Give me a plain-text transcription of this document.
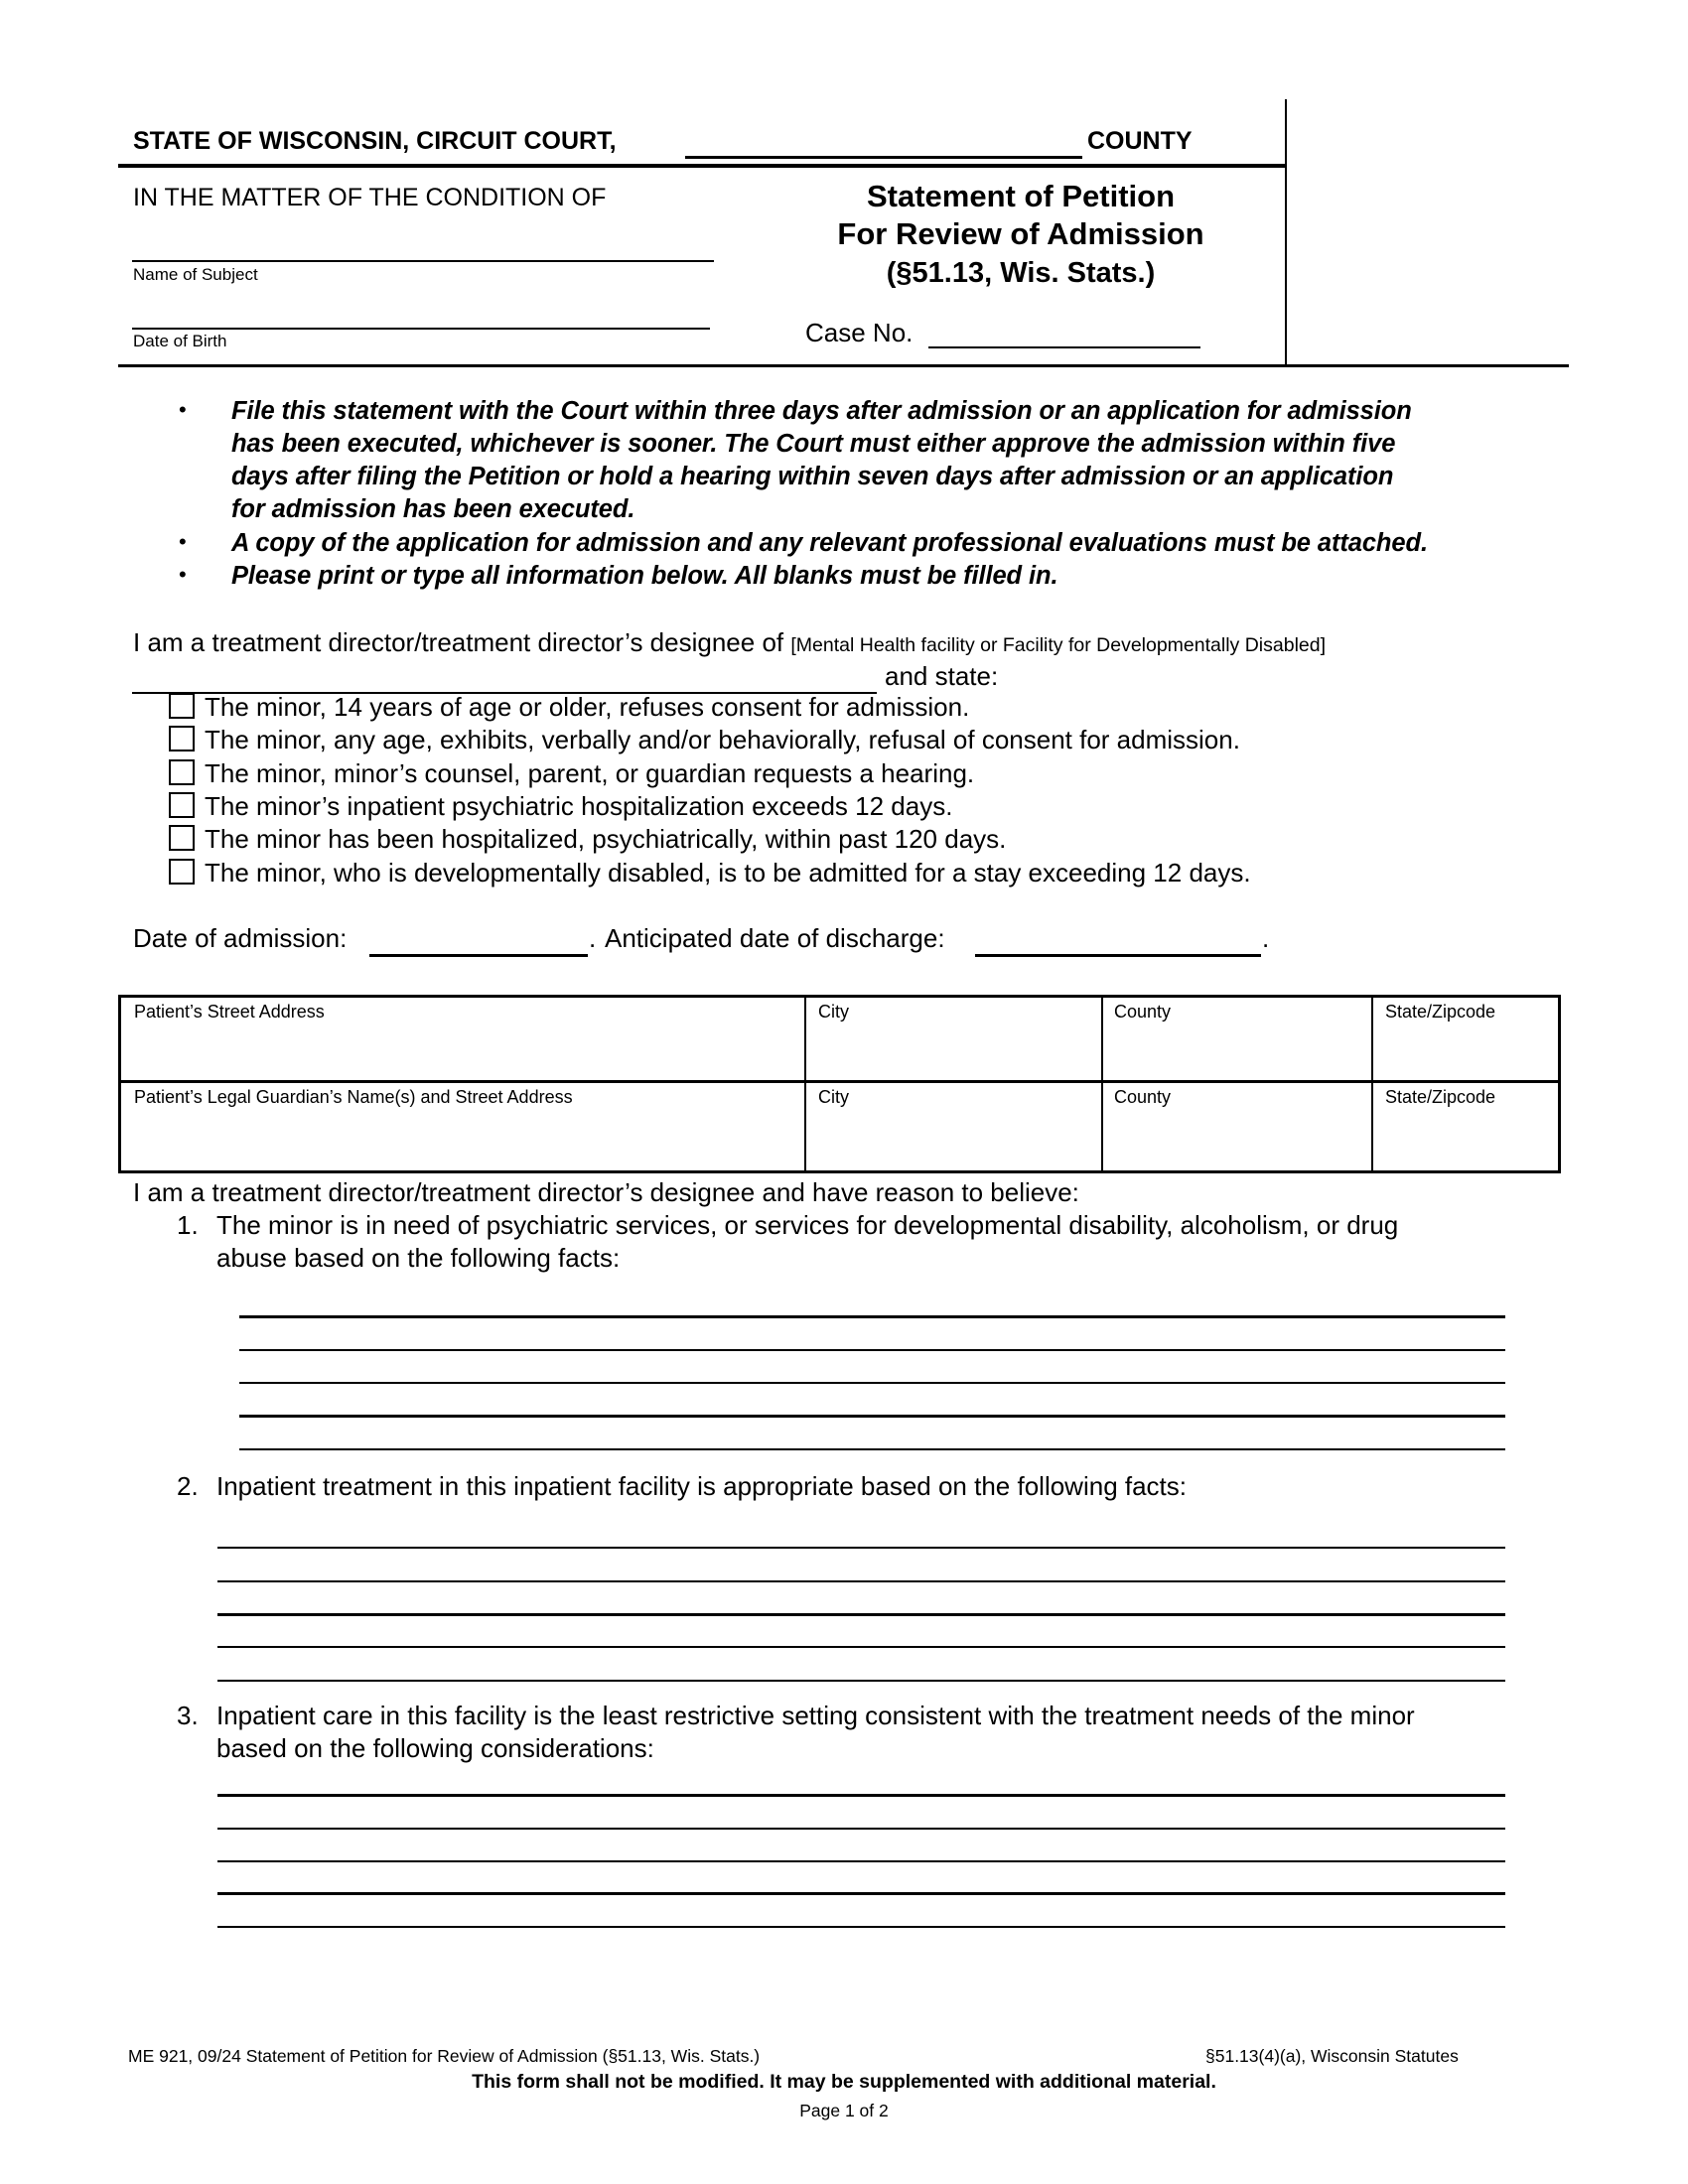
STATE OF WISCONSIN, CIRCUIT COURT,	COUNTY
IN THE MATTER OF THE CONDITION OF
Name of Subject
Date of Birth
Statement of Petition
For Review of Admission
(§51.13, Wis. Stats.)
Case No.
• File this statement with the Court within three days after admission or an application for admission
has been executed, whichever is sooner. The Court must either approve the admission within five
days after filing the Petition or hold a hearing within seven days after admission or an application
for admission has been executed.
• A copy of the application for admission and any relevant professional evaluations must be attached.
• Please print or type all information below. All blanks must be filled in.
I am a treatment director/treatment director’s designee of [Mental Health facility or Facility for Developmentally Disabled]
and state:
The minor, 14 years of age or older, refuses consent for admission.
The minor, any age, exhibits, verbally and/or behaviorally, refusal of consent for admission.
The minor, minor’s counsel, parent, or guardian requests a hearing.
The minor’s inpatient psychiatric hospitalization exceeds 12 days.
The minor has been hospitalized, psychiatrically, within past 120 days.
The minor, who is developmentally disabled, is to be admitted for a stay exceeding 12 days.
Date of admission:	. Anticipated date of discharge:	.
Patient’s Street Address	City	County	State/Zipcode
Patient’s Legal Guardian’s Name(s) and Street Address	City	County	State/Zipcode
I am a treatment director/treatment director’s designee and have reason to believe:
1. The minor is in need of psychiatric services, or services for developmental disability, alcoholism, or drug
abuse based on the following facts:
2. Inpatient treatment in this inpatient facility is appropriate based on the following facts:
3. Inpatient care in this facility is the least restrictive setting consistent with the treatment needs of the minor
based on the following considerations:
ME 921, 09/24 Statement of Petition for Review of Admission (§51.13, Wis. Stats.)	§51.13(4)(a), Wisconsin Statutes
This form shall not be modified. It may be supplemented with additional material.
Page 1 of 2
